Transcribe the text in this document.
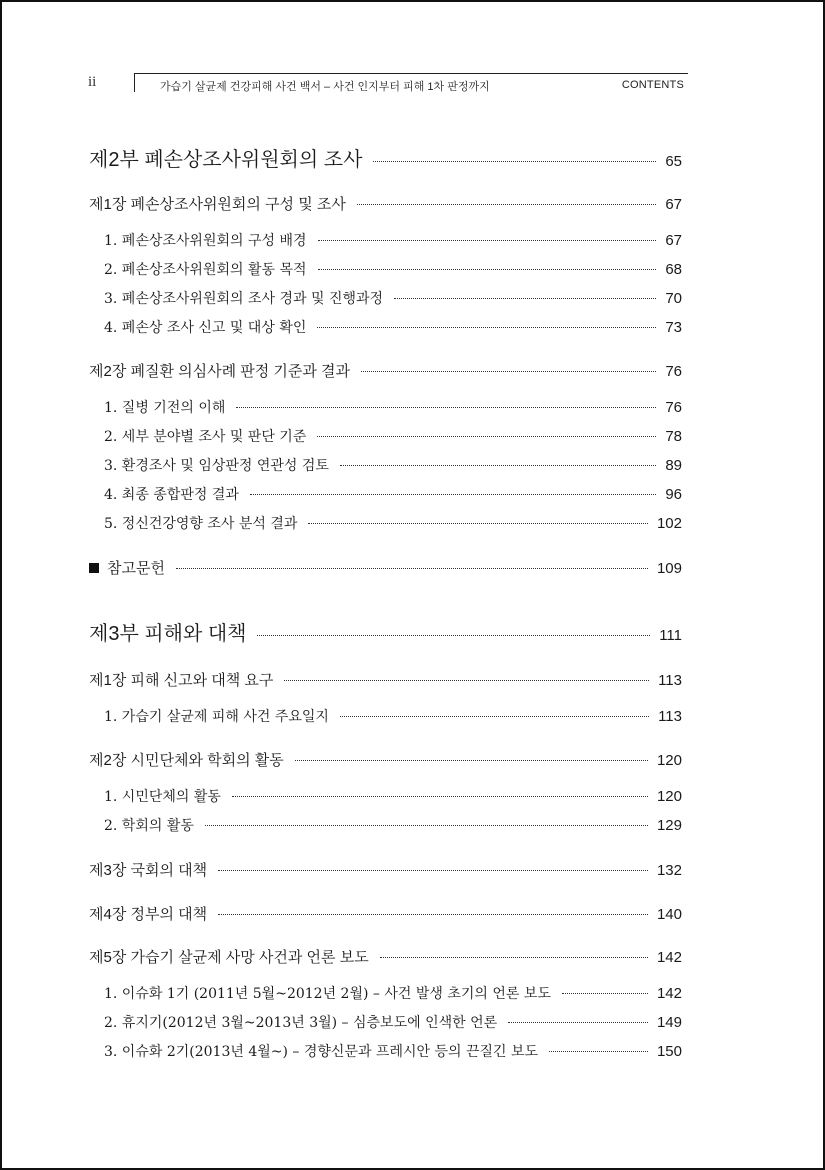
ii	가습기 살균제 건강피해 사건 백서 – 사건 인지부터 피해 1차 판정까지	CONTENTS
제2부 폐손상조사위원회의 조사	65
제1장 폐손상조사위원회의 구성 및 조사	67
1. 폐손상조사위원회의 구성 배경	67
2. 폐손상조사위원회의 활동 목적	68
3. 폐손상조사위원회의 조사 경과 및 진행과정	70
4. 폐손상 조사 신고 및 대상 확인	73
제2장 폐질환 의심사례 판정 기준과 결과	76
1. 질병 기전의 이해	76
2. 세부 분야별 조사 및 판단 기준	78
3. 환경조사 및 임상판정 연관성 검토	89
4. 최종 종합판정 결과	96
5. 정신건강영향 조사 분석 결과	102
참고문헌	109
제3부 피해와 대책	111
제1장 피해 신고와 대책 요구	113
1. 가습기 살균제 피해 사건 주요일지	113
제2장 시민단체와 학회의 활동	120
1. 시민단체의 활동	120
2. 학회의 활동	129
제3장 국회의 대책	132
제4장 정부의 대책	140
제5장 가습기 살균제 사망 사건과 언론 보도	142
1. 이슈화 1기 (2011년 5월~2012년 2월) – 사건 발생 초기의 언론 보도	142
2. 휴지기(2012년 3월~2013년 3월) – 심층보도에 인색한 언론	149
3. 이슈화 2기(2013년 4월~) – 경향신문과 프레시안 등의 끈질긴 보도	150
